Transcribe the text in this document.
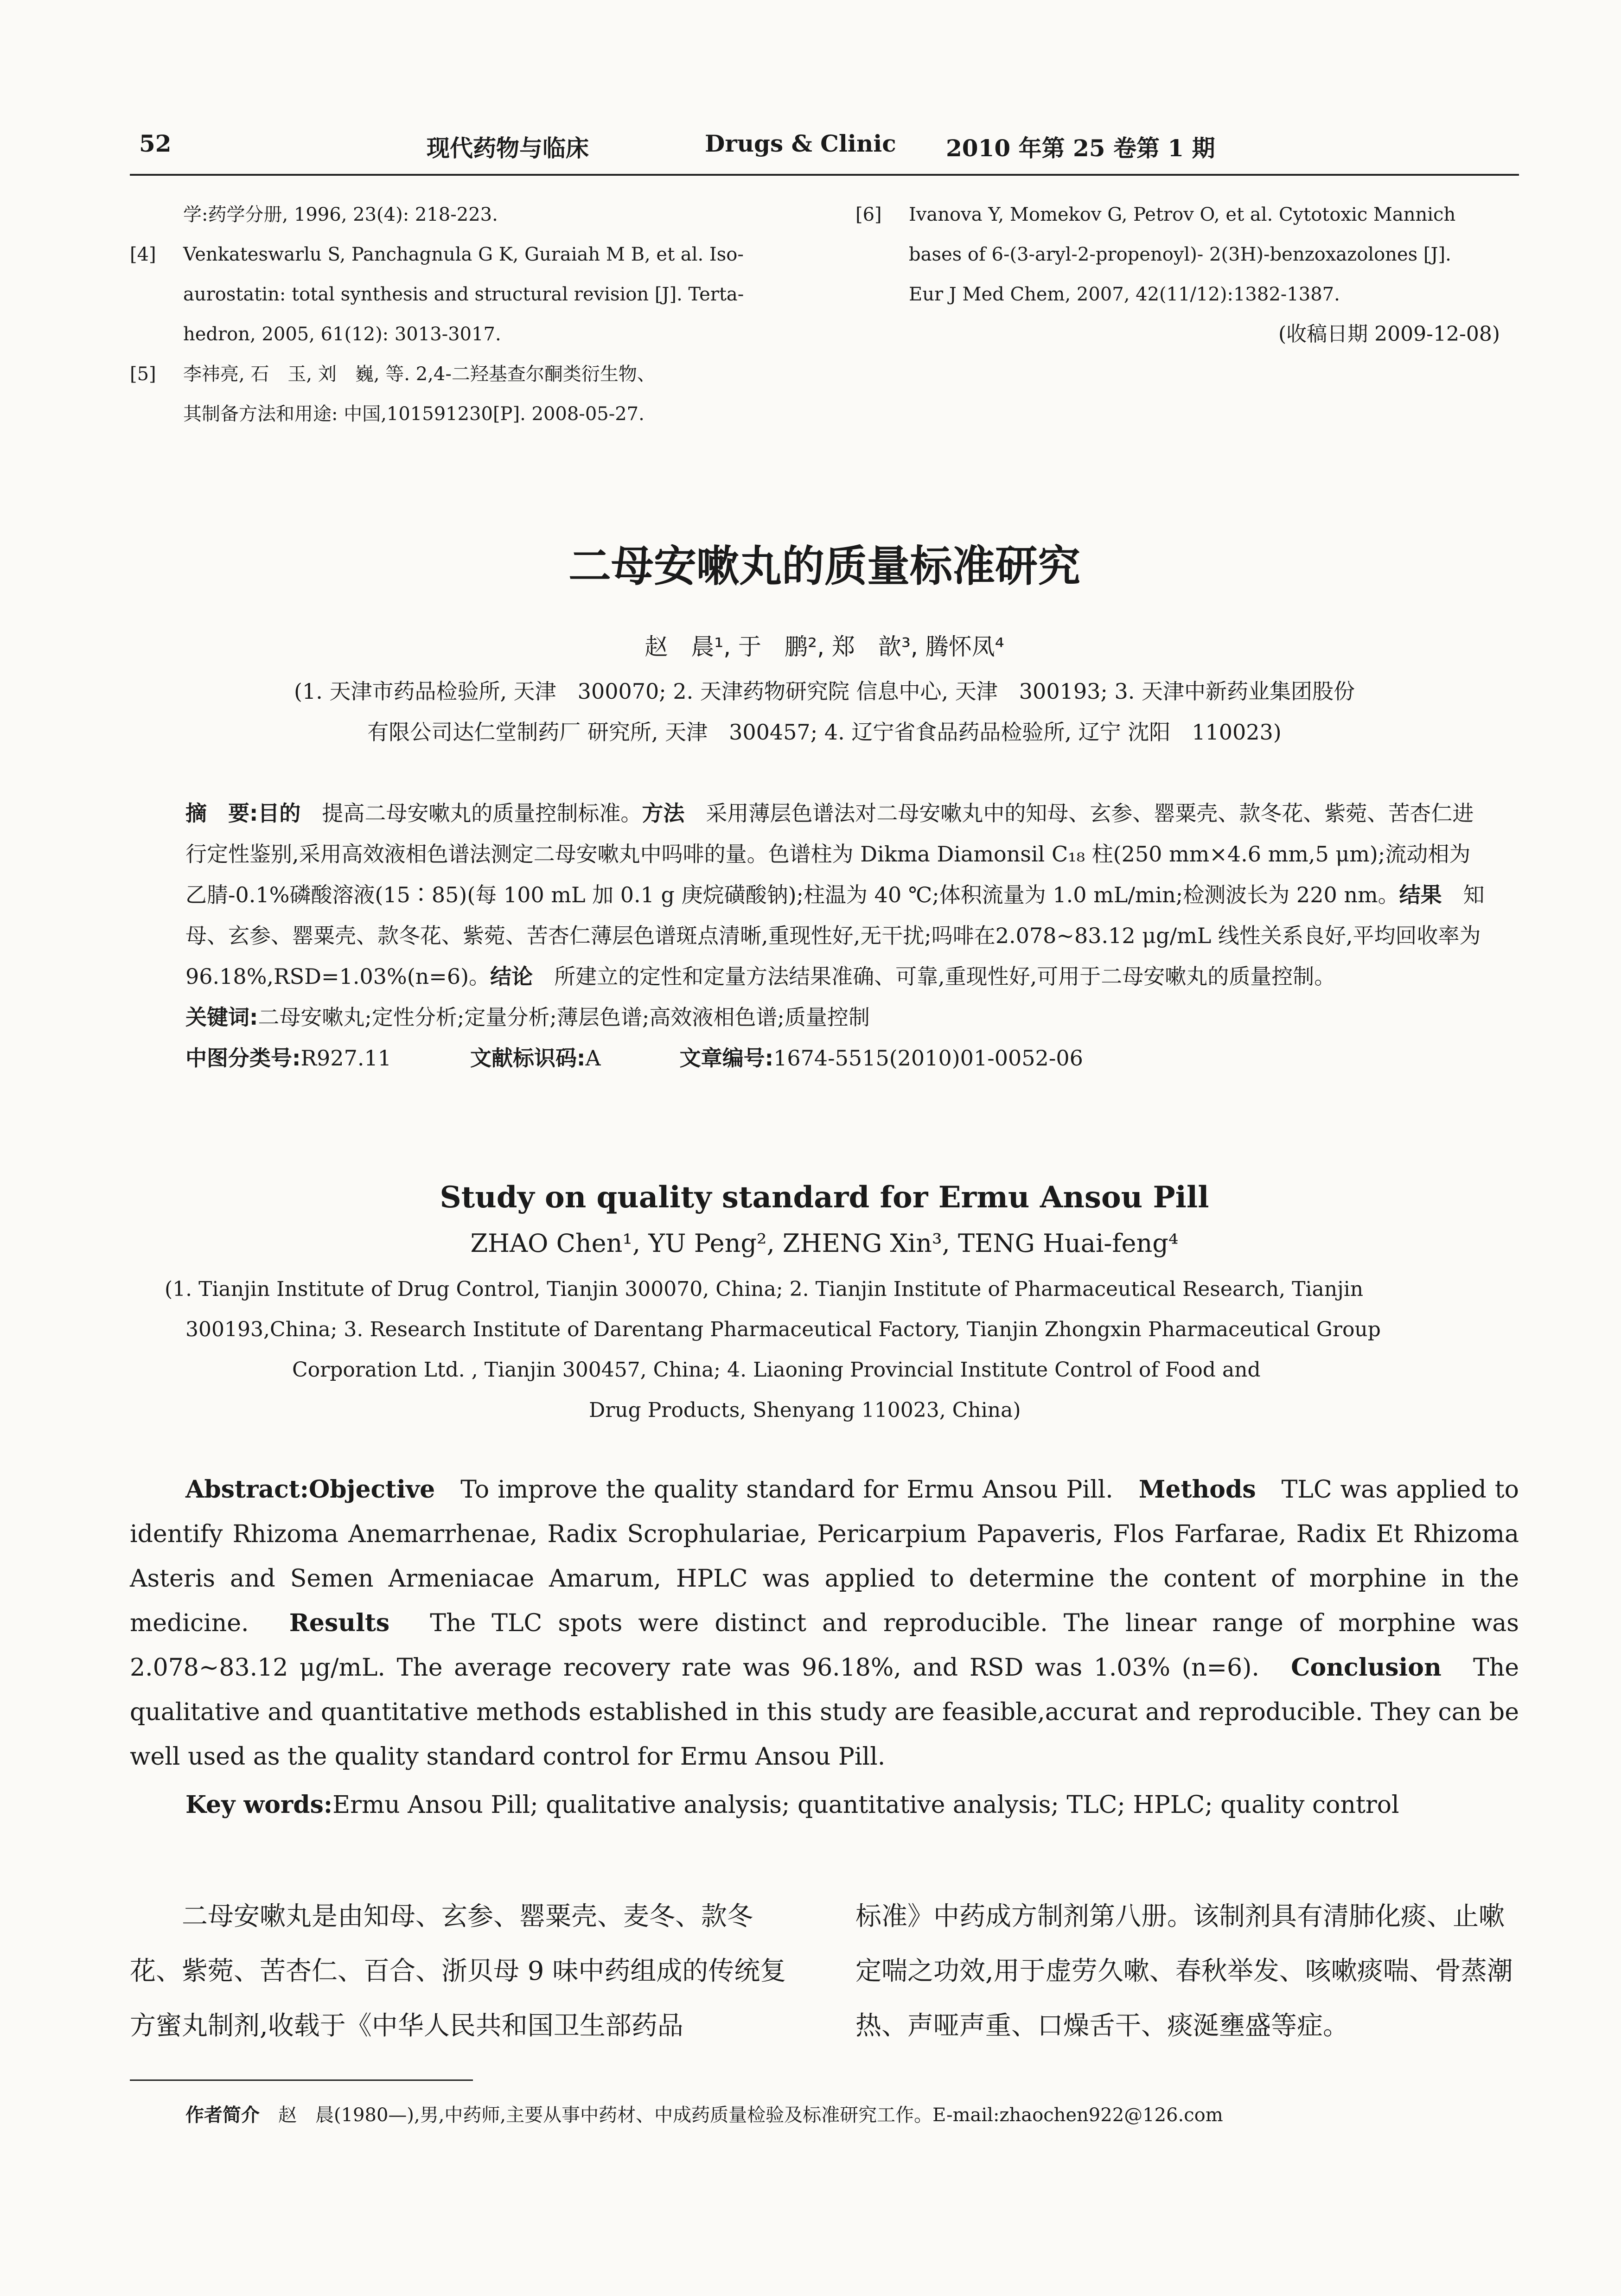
52	现代药物与临床	Drugs & Clinic 2010 年第 25 卷第 1 期
学:药学分册, 1996, 23(4): 218-223.
[4]	Venkateswarlu S, Panchagnula G K, Guraiah M B, et al. Iso-
aurostatin: total synthesis and structural revision [J]. Terta-
hedron, 2005, 61(12): 3013-3017.
[5]	李祎亮, 石　玉, 刘　巍, 等. 2,4-二羟基查尔酮类衍生物、
其制备方法和用途: 中国,101591230[P]. 2008-05-27.
[6]	Ivanova Y, Momekov G, Petrov O, et al. Cytotoxic Mannich
bases of 6-(3-aryl-2-propenoyl)- 2(3H)-benzoxazolones [J].
Eur J Med Chem, 2007, 42(11/12):1382-1387.
(收稿日期 2009-12-08)
二母安嗽丸的质量标准研究
赵　晨¹, 于　鹏², 郑　歆³, 腾怀凤⁴
(1. 天津市药品检验所, 天津　300070; 2. 天津药物研究院 信息中心, 天津　300193; 3. 天津中新药业集团股份
有限公司达仁堂制药厂 研究所, 天津　300457; 4. 辽宁省食品药品检验所, 辽宁 沈阳　110023)

摘　要:目的　 提高二母安嗽丸的质量控制标准。方法　 采用薄层色谱法对二母安嗽丸中的知母、玄参、罂粟壳、款冬花、紫菀、苦杏仁进行定性鉴别,采用高效液相色谱法测定二母安嗽丸中吗啡的量。色谱柱为 Dikma Diamonsil C₁₈ 柱(250 mm×4.6 mm,5 μm);流动相为乙腈-0.1%磷酸溶液(15∶85)(每 100 mL 加 0.1 g 庚烷磺酸钠);柱温为 40 ℃;体积流量为 1.0 mL/min;检测波长为 220 nm。结果　 知母、玄参、罂粟壳、款冬花、紫菀、苦杏仁薄层色谱斑点清晰,重现性好,无干扰;吗啡在2.078~83.12 μg/mL 线性关系良好,平均回收率为 96.18%,RSD=1.03%(n=6)。结论　 所建立的定性和定量方法结果准确、可靠,重现性好,可用于二母安嗽丸的质量控制。

关键词:二母安嗽丸;定性分析;定量分析;薄层色谱;高效液相色谱;质量控制

中图分类号:R927.11	文献标识码:A	文章编号:1674-5515(2010)01-0052-06

Study on quality standard for Ermu Ansou Pill
ZHAO Chen¹, YU Peng², ZHENG Xin³, TENG Huai-feng⁴
(1. Tianjin Institute of Drug Control, Tianjin 300070, China; 2. Tianjin Institute of Pharmaceutical Research, Tianjin
300193,China; 3. Research Institute of Darentang Pharmaceutical Factory, Tianjin Zhongxin Pharmaceutical Group
Corporation Ltd. , Tianjin 300457, China; 4. Liaoning Provincial Institute Control of Food and
Drug Products, Shenyang 110023, China)

Abstract:Objective　 To improve the quality standard for Ermu Ansou Pill.　 Methods　 TLC was applied to identify Rhizoma Anemarrhenae, Radix Scrophulariae, Pericarpium Papaveris, Flos Farfarae, Radix Et Rhizoma Asteris and Semen Armeniacae Amarum, HPLC was applied to determine the content of morphine in the medicine.　 Results　 The TLC spots were distinct and reproducible. The linear range of morphine was 2.078~83.12 μg/mL. The average recovery rate was 96.18%, and RSD was 1.03% (n=6).　 Conclusion　 The qualitative and quantitative methods established in this study are feasible,accurat and reproducible. They can be well used as the quality standard control for Ermu Ansou Pill.

Key words:Ermu Ansou Pill; qualitative analysis; quantitative analysis; TLC; HPLC; quality control

二母安嗽丸是由知母、玄参、罂粟壳、麦冬、款冬花、紫菀、苦杏仁、百合、浙贝母 9 味中药组成的传统复方蜜丸制剂,收载于《中华人民共和国卫生部药品

标准》中药成方制剂第八册。该制剂具有清肺化痰、止嗽定喘之功效,用于虚劳久嗽、春秋举发、咳嗽痰喘、骨蒸潮热、声哑声重、口燥舌干、痰涎壅盛等症。

作者简介　 赵　晨(1980—),男,中药师,主要从事中药材、中成药质量检验及标准研究工作。E-mail:zhaochen922@126.com
